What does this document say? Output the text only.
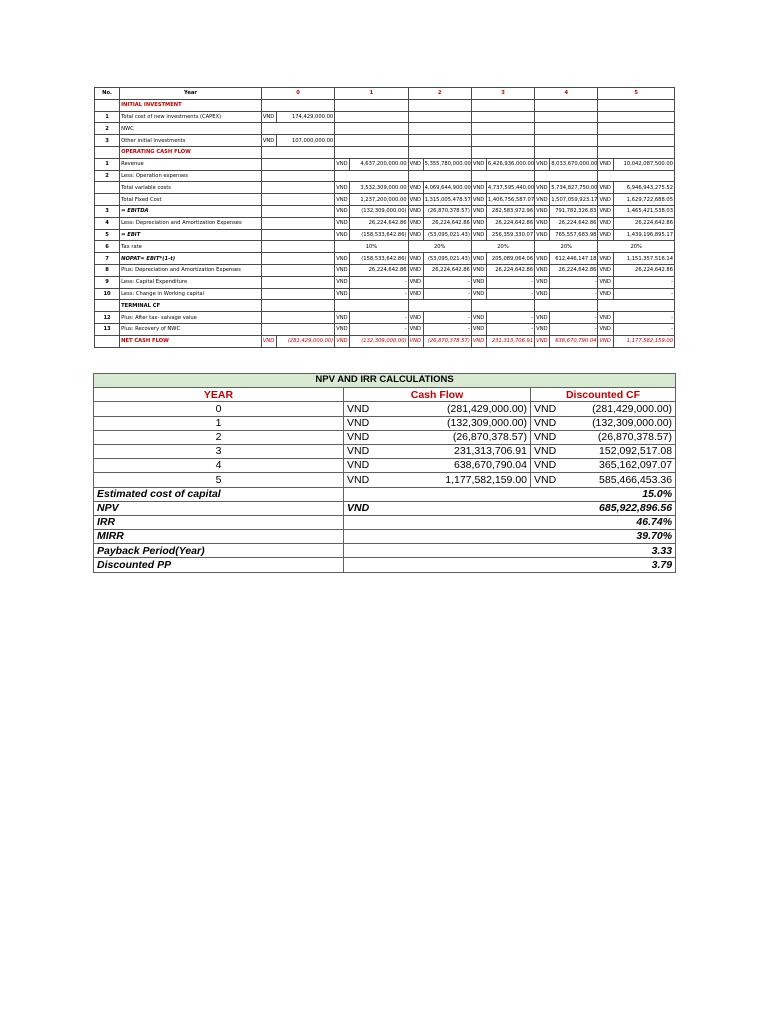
No.	Year	0		1		2		3		4		5	
	INITIAL INVESTMENT												
1	Total cost of new investments (CAPEX)	VND	174,429,000.00										
2	NWC												
3	Other initial investments	VND	107,000,000.00										
	OPERATING CASH FLOW												
1	Revenue			VND	4,637,200,000.00	VND	5,355,780,000.00	VND	6,426,936,000.00	VND	8,033,670,000.00	VND	10,042,087,500.00
2	Less: Operation expenses												
	Total variable costs			VND	3,532,309,000.00	VND	4,069,644,900.00	VND	4,737,595,440.00	VND	5,734,827,750.00	VND	6,946,943,275.52
	Total Fixed Cost			VND	1,237,200,000.00	VND	1,315,005,478.57	VND	1,406,756,587.07	VND	1,507,059,923.17	VND	1,629,722,688.05
3	= EBITDA			VND	(132,309,000.00)	VND	(26,870,378.57)	VND	282,583,972.96	VND	791,782,326.83	VND	1,465,421,538.03
4	Less: Depreciation and Amortization Expenses			VND	26,224,642.86	VND	26,224,642.86	VND	26,224,642.86	VND	26,224,642.86	VND	26,224,642.86
5	= EBIT			VND	(158,533,642.86)	VND	(53,095,021.43)	VND	256,359,330.07	VND	765,557,683.98	VND	1,439,196,895.17
6	Tax rate			10%		20%		20%		20%		20%	
7	NOPAT= EBIT*(1-t)			VND	(158,533,642.86)	VND	(53,095,021.43)	VND	205,089,064.06	VND	612,446,147.18	VND	1,151,357,516.14
8	Plus: Depreciation and Amortization Expenses			VND	26,224,642.86	VND	26,224,642.86	VND	26,224,642.86	VND	26,224,642.86	VND	26,224,642.86
9	Less: Capital Expenditure			VND	-	VND	-	VND	-	VND	-	VND	-
10	Less: Change in Working capital			VND	-	VND	-	VND	-	VND	-	VND	-
	TERMINAL CF												
12	Plus: After tax- salvage value			VND	-	VND	-	VND	-	VND	-	VND	-
13	Plus: Recovery of NWC			VND	-	VND	-	VND	-	VND	-	VND	-
	NET CASH FLOW	VND	(281,429,000.00)	VND	(132,309,000.00)	VND	(26,870,378.57)	VND	231,313,706.91	VND	638,670,790.04	VND	1,177,582,159.00
NPV AND IRR CALCULATIONS				
YEAR	Cash Flow		Discounted CF	
0	VND	(281,429,000.00)	VND	(281,429,000.00)
1	VND	(132,309,000.00)	VND	(132,309,000.00)
2	VND	(26,870,378.57)	VND	(26,870,378.57)
3	VND	231,313,706.91	VND	152,092,517.08
4	VND	638,670,790.04	VND	365,162,097.07
5	VND	1,177,582,159.00	VND	585,466,453.36
Estimated cost of capital	15.0%			
NPV	VND	685,922,896.56		
IRR	46.74%			
MIRR	39.70%			
Payback Period(Year)	3.33			
Discounted PP	3.79			
